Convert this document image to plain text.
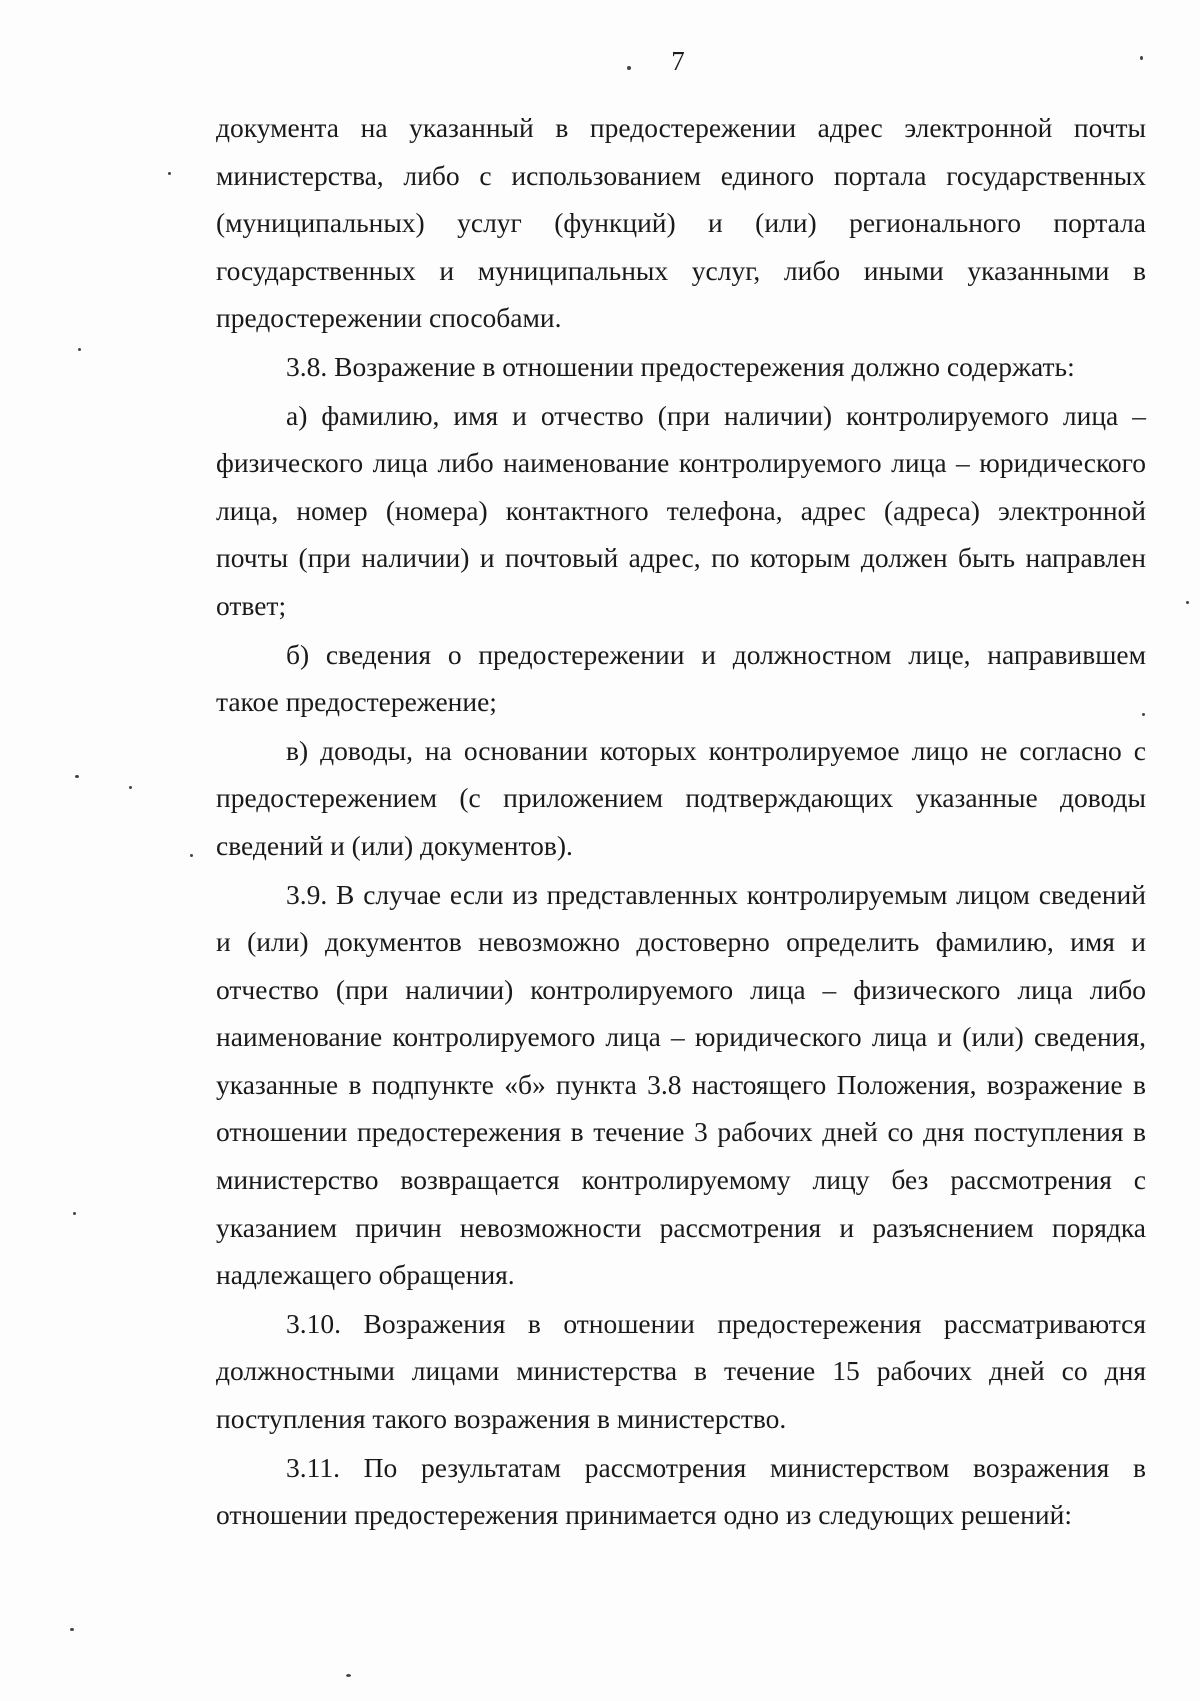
7

документа на указанный в предостережении адрес электронной почты министерства, либо с использованием единого портала государственных (муниципальных) услуг (функций) и (или) регионального портала государственных и муниципальных услуг, либо иными указанными в предостережении способами.

3.8. Возражение в отношении предостережения должно содержать:

а) фамилию, имя и отчество (при наличии) контролируемого лица – физического лица либо наименование контролируемого лица – юридического лица, номер (номера) контактного телефона, адрес (адреса) электронной почты (при наличии) и почтовый адрес, по которым должен быть направлен ответ;

б) сведения о предостережении и должностном лице, направившем такое предостережение;

в) доводы, на основании которых контролируемое лицо не согласно с предостережением (с приложением подтверждающих указанные доводы сведений и (или) документов).

3.9. В случае если из представленных контролируемым лицом сведений и (или) документов невозможно достоверно определить фамилию, имя и отчество (при наличии) контролируемого лица – физического лица либо наименование контролируемого лица – юридического лица и (или) сведения, указанные в подпункте «б» пункта 3.8 настоящего Положения, возражение в отношении предостережения в течение 3 рабочих дней со дня поступления в министерство возвращается контролируемому лицу без рассмотрения с указанием причин невозможности рассмотрения и разъяснением порядка надлежащего обращения.

3.10. Возражения в отношении предостережения рассматриваются должностными лицами министерства в течение 15 рабочих дней со дня поступления такого возражения в министерство.

3.11. По результатам рассмотрения министерством возражения в отношении предостережения принимается одно из следующих решений:
